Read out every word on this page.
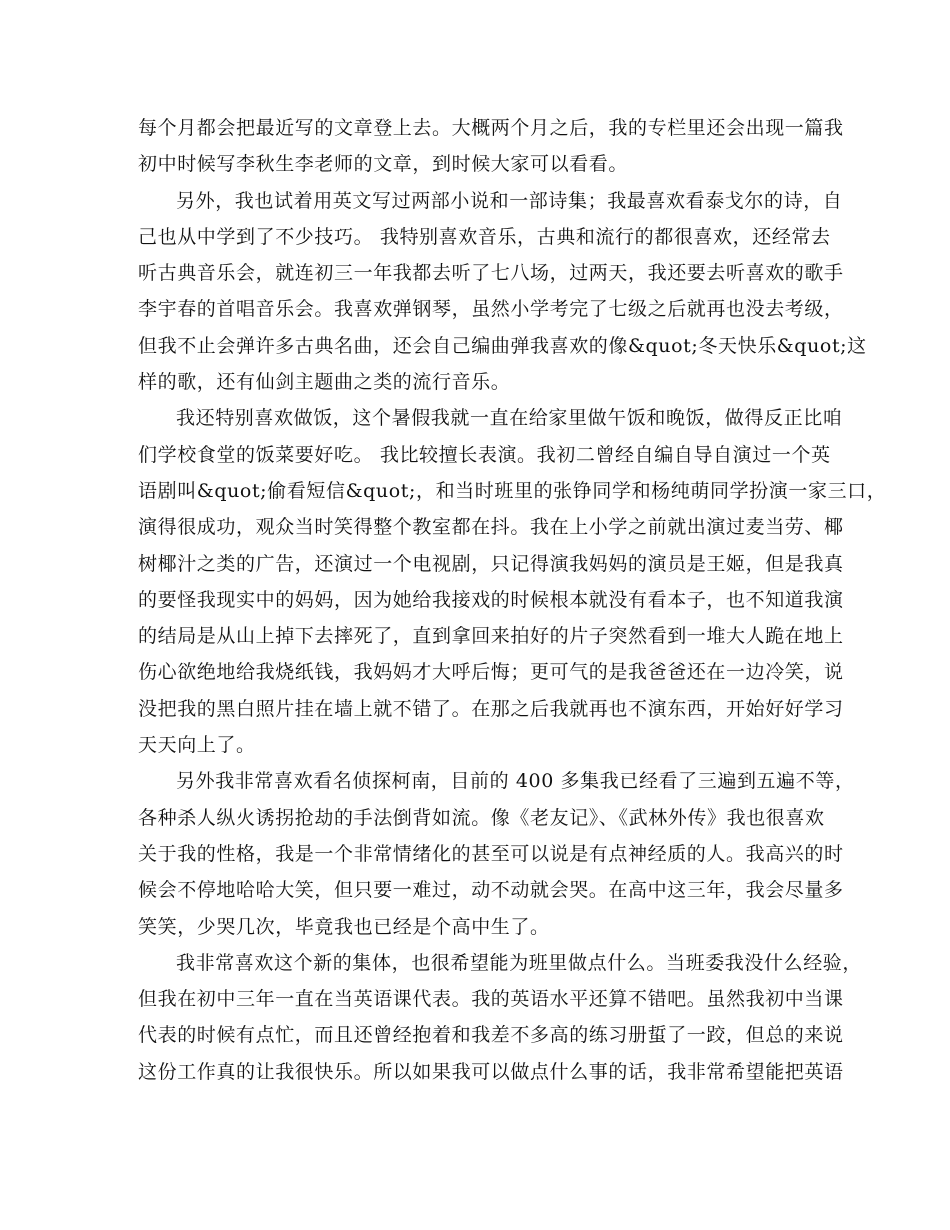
每个月都会把最近写的文章登上去。大概两个月之后，我的专栏里还会出现一篇我
初中时候写李秋生李老师的文章，到时候大家可以看看。
另外，我也试着用英文写过两部小说和一部诗集；我最喜欢看泰戈尔的诗，自
己也从中学到了不少技巧。 我特别喜欢音乐，古典和流行的都很喜欢，还经常去
听古典音乐会，就连初三一年我都去听了七八场，过两天，我还要去听喜欢的歌手
李宇春的首唱音乐会。我喜欢弹钢琴，虽然小学考完了七级之后就再也没去考级，
但我不止会弹许多古典名曲，还会自己编曲弹我喜欢的像&quot;冬天快乐&quot;这
样的歌，还有仙剑主题曲之类的流行音乐。
我还特别喜欢做饭，这个暑假我就一直在给家里做午饭和晚饭，做得反正比咱
们学校食堂的饭菜要好吃。 我比较擅长表演。我初二曾经自编自导自演过一个英
语剧叫&quot;偷看短信&quot;，和当时班里的张铮同学和杨纯萌同学扮演一家三口，
演得很成功，观众当时笑得整个教室都在抖。我在上小学之前就出演过麦当劳、椰
树椰汁之类的广告，还演过一个电视剧，只记得演我妈妈的演员是王姬，但是我真
的要怪我现实中的妈妈，因为她给我接戏的时候根本就没有看本子，也不知道我演
的结局是从山上掉下去摔死了，直到拿回来拍好的片子突然看到一堆大人跪在地上
伤心欲绝地给我烧纸钱，我妈妈才大呼后悔；更可气的是我爸爸还在一边冷笑，说
没把我的黑白照片挂在墙上就不错了。在那之后我就再也不演东西，开始好好学习
天天向上了。
另外我非常喜欢看名侦探柯南，目前的 400 多集我已经看了三遍到五遍不等，
各种杀人纵火诱拐抢劫的手法倒背如流。像《老友记》、《武林外传》我也很喜欢
关于我的性格，我是一个非常情绪化的甚至可以说是有点神经质的人。我高兴的时
候会不停地哈哈大笑，但只要一难过，动不动就会哭。在高中这三年，我会尽量多
笑笑，少哭几次，毕竟我也已经是个高中生了。
我非常喜欢这个新的集体，也很希望能为班里做点什么。当班委我没什么经验，
但我在初中三年一直在当英语课代表。我的英语水平还算不错吧。虽然我初中当课
代表的时候有点忙，而且还曾经抱着和我差不多高的练习册蜇了一跤，但总的来说
这份工作真的让我很快乐。所以如果我可以做点什么事的话，我非常希望能把英语
